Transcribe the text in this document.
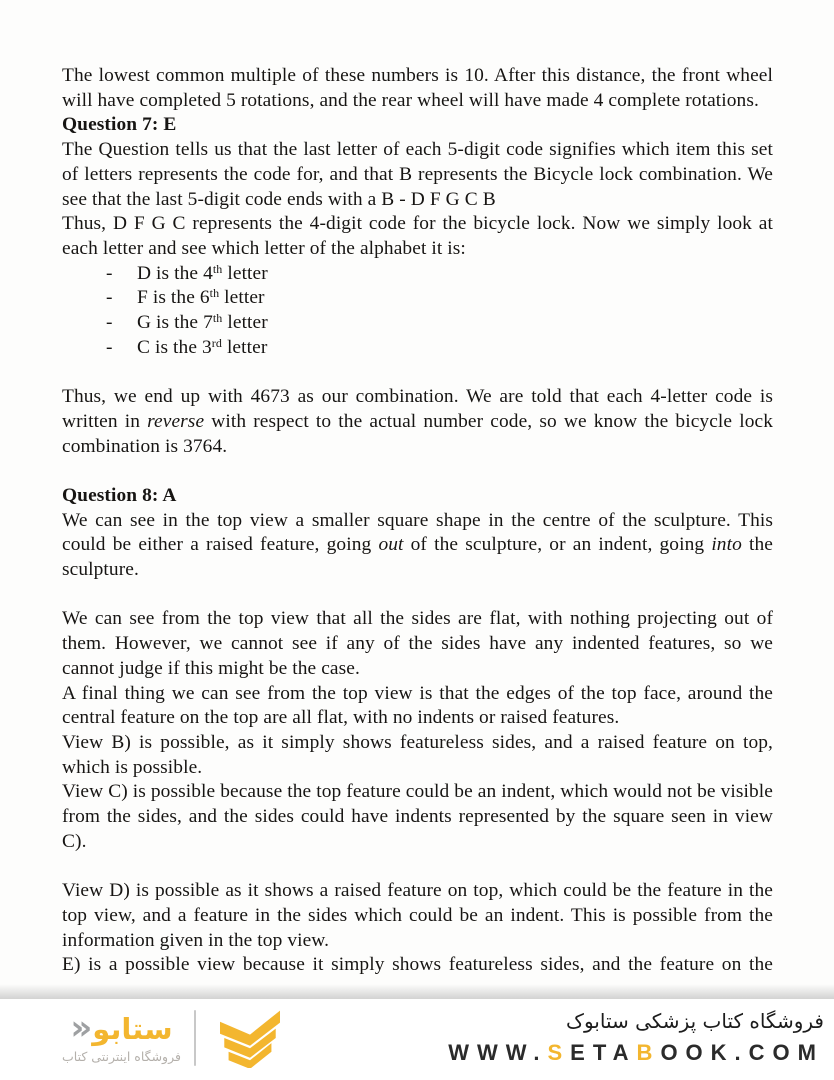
The lowest common multiple of these numbers is 10. After this distance, the front wheel will have completed 5 rotations, and the rear wheel will have made 4 complete rotations.
Question 7: E
The Question tells us that the last letter of each 5-digit code signifies which item this set of letters represents the code for, and that B represents the Bicycle lock combination. We see that the last 5-digit code ends with a B - D F G C B
Thus, D F G C represents the 4-digit code for the bicycle lock. Now we simply look at each letter and see which letter of the alphabet it is:
-	D is the 4th letter
-	F is the 6th letter
-	G is the 7th letter
-	C is the 3rd letter
Thus, we end up with 4673 as our combination. We are told that each 4-letter code is written in reverse with respect to the actual number code, so we know the bicycle lock combination is 3764.
Question 8: A
We can see in the top view a smaller square shape in the centre of the sculpture. This could be either a raised feature, going out of the sculpture, or an indent, going into the sculpture.
We can see from the top view that all the sides are flat, with nothing projecting out of them. However, we cannot see if any of the sides have any indented features, so we cannot judge if this might be the case.
A final thing we can see from the top view is that the edges of the top face, around the central feature on the top are all flat, with no indents or raised features.
View B) is possible, as it simply shows featureless sides, and a raised feature on top, which is possible.
View C) is possible because the top feature could be an indent, which would not be visible from the sides, and the sides could have indents represented by the square seen in view C).
View D) is possible as it shows a raised feature on top, which could be the feature in the top view, and a feature in the sides which could be an indent. This is possible from the information given in the top view.
E) is a possible view because it simply shows featureless sides, and the feature on the
ستابو«
فروشگاه اینترنتی کتاب
فروشگاه کتاب پزشکی ستابوک
WWW.SETABOOK.COM
